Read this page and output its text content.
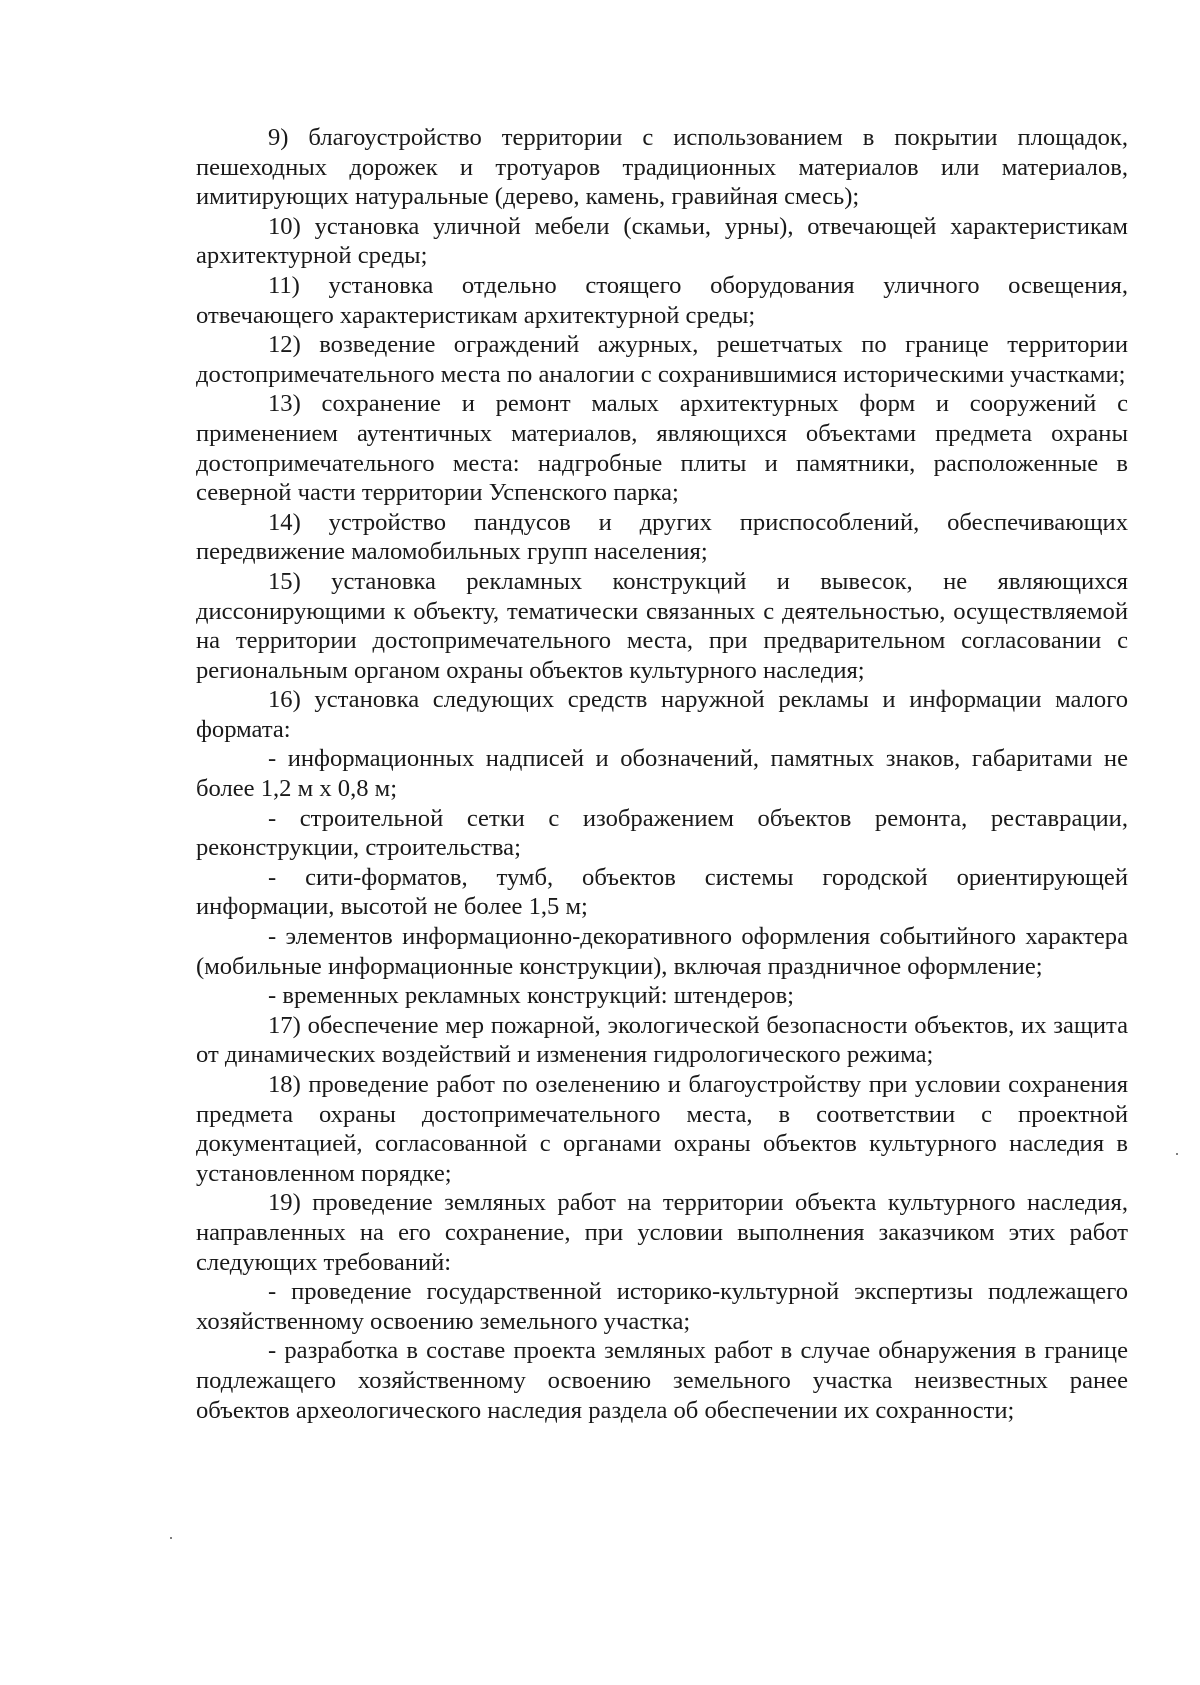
9) благоустройство территории с использованием в покрытии площадок, пешеходных дорожек и тротуаров традиционных материалов или материалов, имитирующих натуральные (дерево, камень, гравийная смесь);

10) установка уличной мебели (скамьи, урны), отвечающей характеристикам архитектурной среды;

11) установка отдельно стоящего оборудования уличного освещения, отвечающего характеристикам архитектурной среды;

12) возведение ограждений ажурных, решетчатых по границе территории достопримечательного места по аналогии с сохранившимися историческими участками;

13) сохранение и ремонт малых архитектурных форм и сооружений с применением аутентичных материалов, являющихся объектами предмета охраны достопримечательного места: надгробные плиты и памятники, расположенные в северной части территории Успенского парка;

14) устройство пандусов и других приспособлений, обеспечивающих передвижение маломобильных групп населения;

15) установка рекламных конструкций и вывесок, не являющихся диссонирующими к объекту, тематически связанных с деятельностью, осуществляемой на территории достопримечательного места, при предварительном согласовании с региональным органом охраны объектов культурного наследия;

16) установка следующих средств наружной рекламы и информации малого формата:

- информационных надписей и обозначений, памятных знаков, габаритами не более 1,2 м х 0,8 м;

- строительной сетки с изображением объектов ремонта, реставрации, реконструкции, строительства;

- сити-форматов, тумб, объектов системы городской ориентирующей информации, высотой не более 1,5 м;

- элементов информационно-декоративного оформления событийного характера (мобильные информационные конструкции), включая праздничное оформление;

- временных рекламных конструкций: штендеров;

17) обеспечение мер пожарной, экологической безопасности объектов, их защита от динамических воздействий и изменения гидрологического режима;

18) проведение работ по озеленению и благоустройству при условии сохранения предмета охраны достопримечательного места, в соответствии с проектной документацией, согласованной с органами охраны объектов культурного наследия в установленном порядке;

19) проведение земляных работ на территории объекта культурного наследия, направленных на его сохранение, при условии выполнения заказчиком этих работ следующих требований:

- проведение государственной историко-культурной экспертизы подлежащего хозяйственному освоению земельного участка;

- разработка в составе проекта земляных работ в случае обнаружения в границе подлежащего хозяйственному освоению земельного участка неизвестных ранее объектов археологического наследия раздела об обеспечении их сохранности;
